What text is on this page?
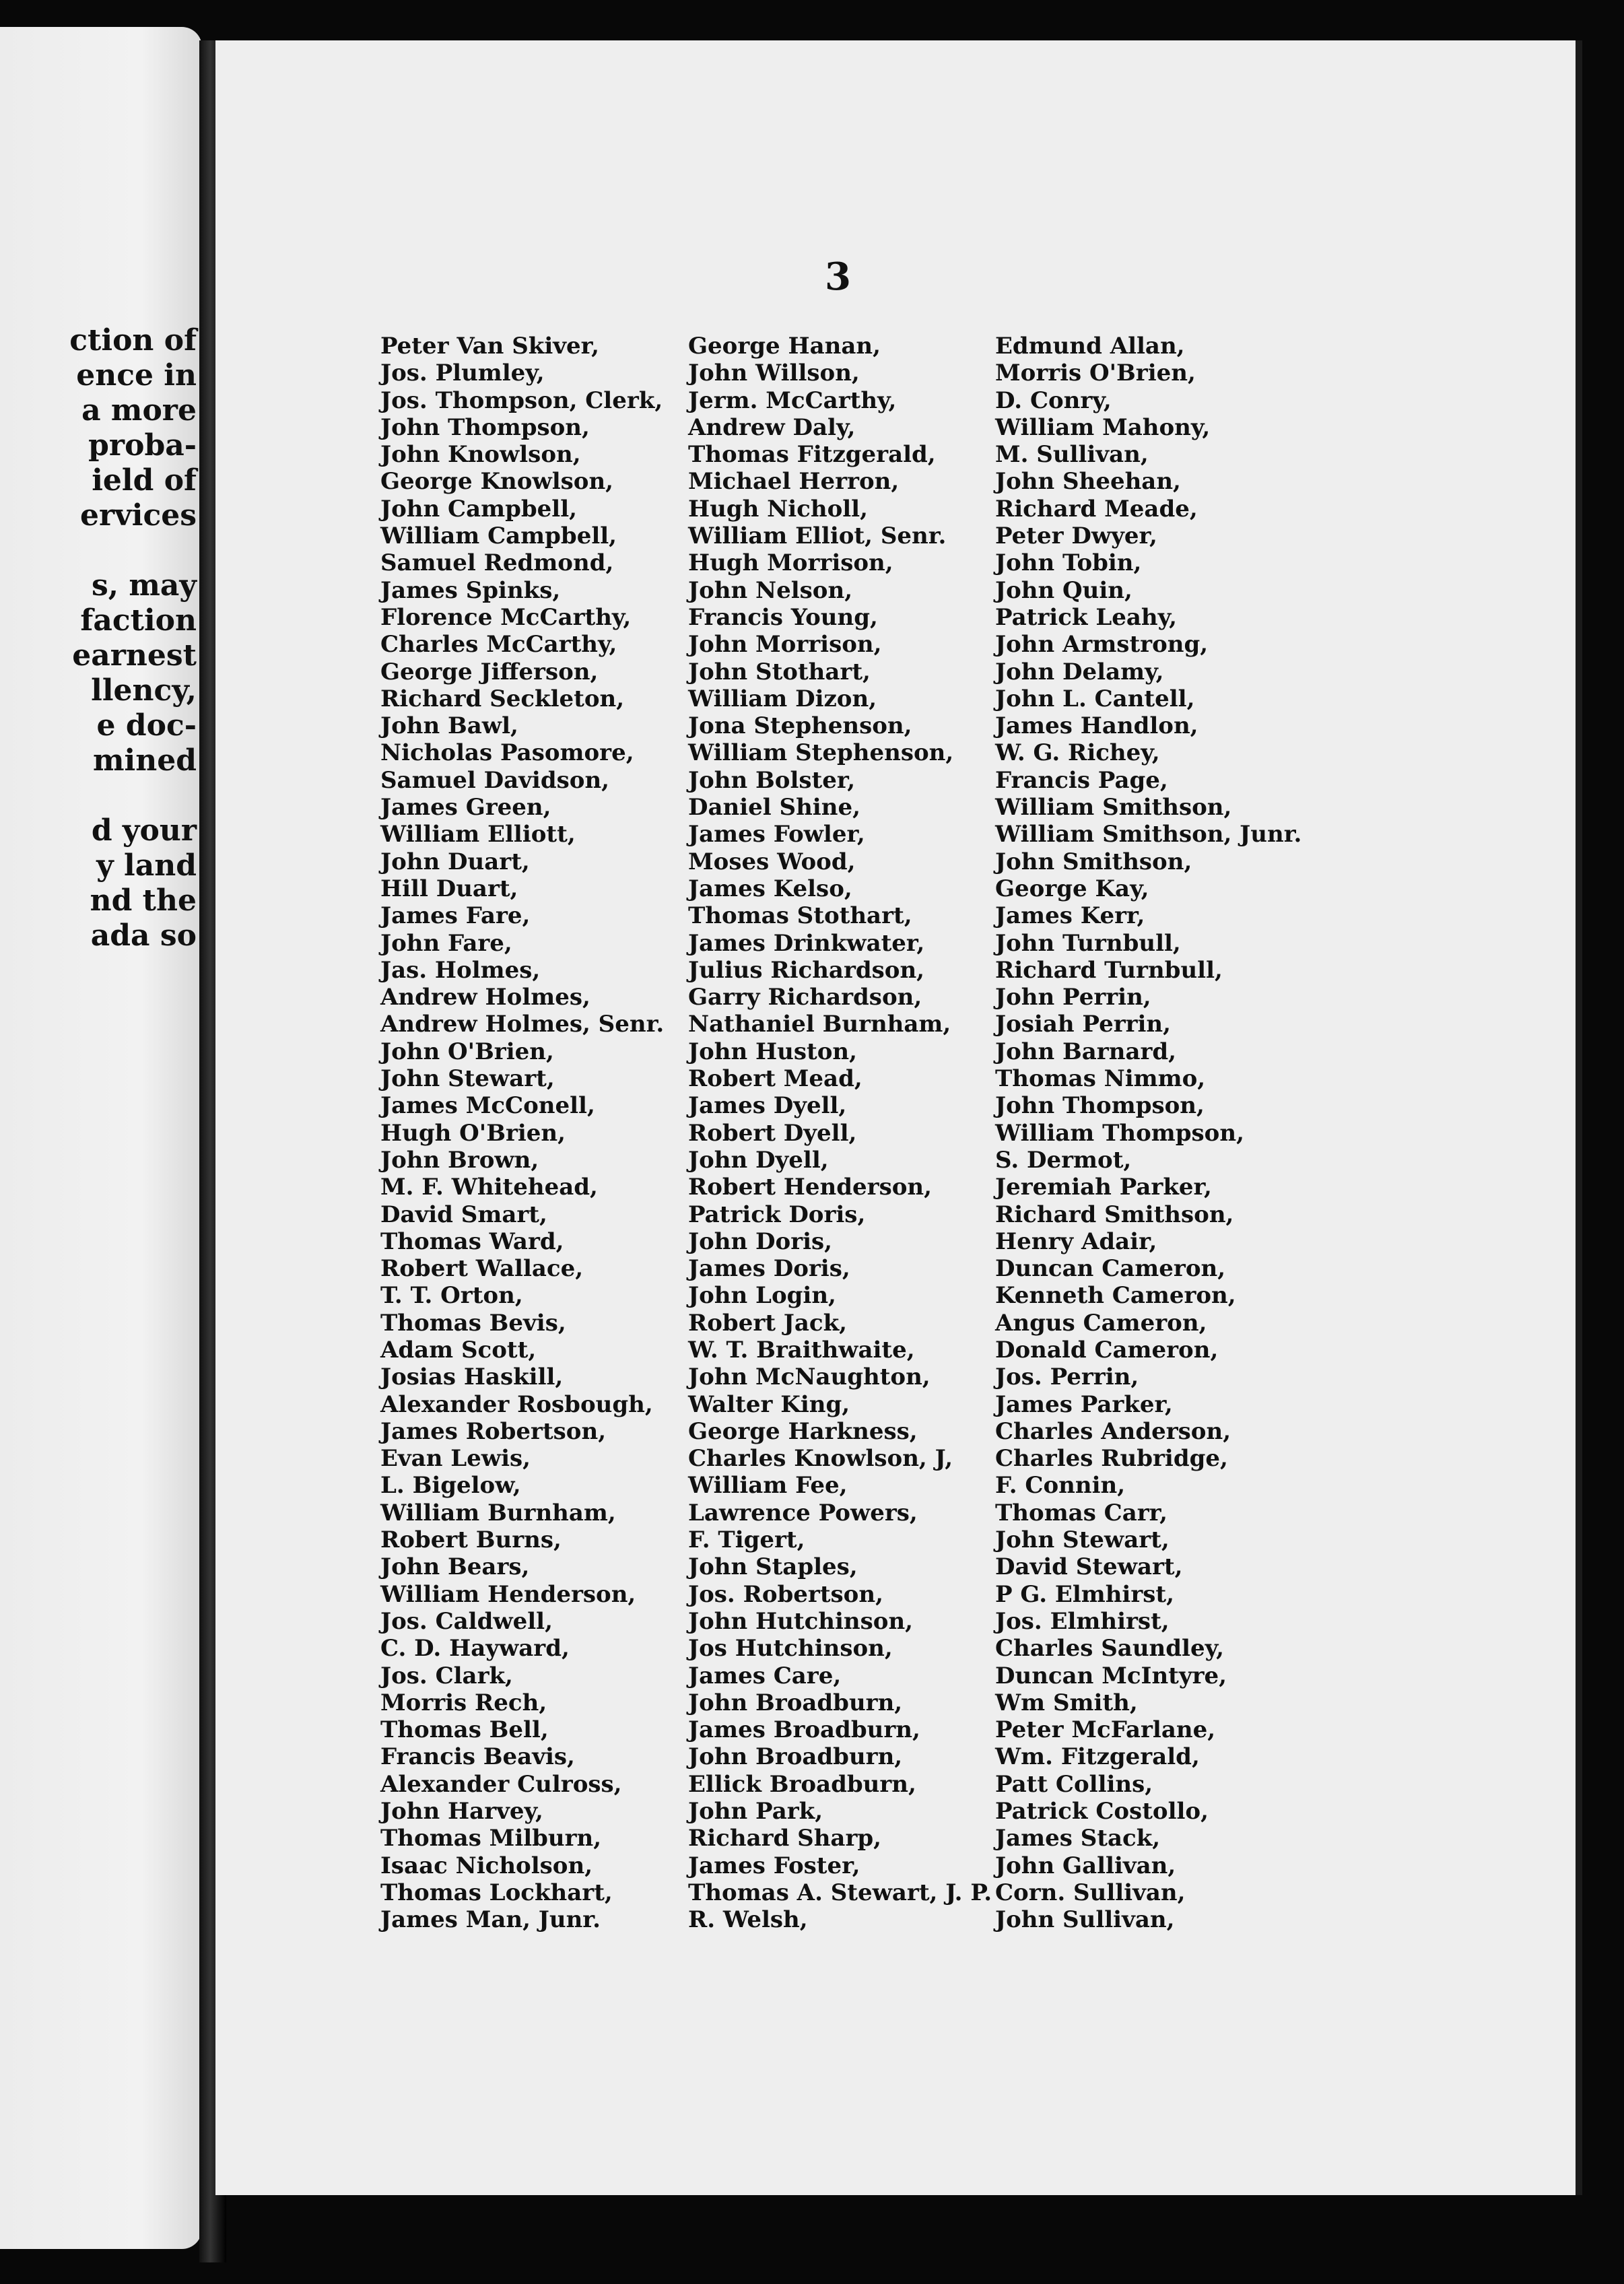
ction of
ence in
a more
proba-
ield of
ervices
s, may
faction
earnest
llency,
e doc-
mined
d your
y land
nd the
ada so
3
Peter Van Skiver,
Jos. Plumley,
Jos. Thompson, Clerk,
John Thompson,
John Knowlson,
George Knowlson,
John Campbell,
William Campbell,
Samuel Redmond,
James Spinks,
Florence McCarthy,
Charles McCarthy,
George Jifferson,
Richard Seckleton,
John Bawl,
Nicholas Pasomore,
Samuel Davidson,
James Green,
William Elliott,
John Duart,
Hill Duart,
James Fare,
John Fare,
Jas. Holmes,
Andrew Holmes,
Andrew Holmes, Senr.
John O'Brien,
John Stewart,
James McConell,
Hugh O'Brien,
John Brown,
M. F. Whitehead,
David Smart,
Thomas Ward,
Robert Wallace,
T. T. Orton,
Thomas Bevis,
Adam Scott,
Josias Haskill,
Alexander Rosbough,
James Robertson,
Evan Lewis,
L. Bigelow,
William Burnham,
Robert Burns,
John Bears,
William Henderson,
Jos. Caldwell,
C. D. Hayward,
Jos. Clark,
Morris Rech,
Thomas Bell,
Francis Beavis,
Alexander Culross,
John Harvey,
Thomas Milburn,
Isaac Nicholson,
Thomas Lockhart,
James Man, Junr.
George Hanan,
John Willson,
Jerm. McCarthy,
Andrew Daly,
Thomas Fitzgerald,
Michael Herron,
Hugh Nicholl,
William Elliot, Senr.
Hugh Morrison,
John Nelson,
Francis Young,
John Morrison,
John Stothart,
William Dizon,
Jona Stephenson,
William Stephenson,
John Bolster,
Daniel Shine,
James Fowler,
Moses Wood,
James Kelso,
Thomas Stothart,
James Drinkwater,
Julius Richardson,
Garry Richardson,
Nathaniel Burnham,
John Huston,
Robert Mead,
James Dyell,
Robert Dyell,
John Dyell,
Robert Henderson,
Patrick Doris,
John Doris,
James Doris,
John Login,
Robert Jack,
W. T. Braithwaite,
John McNaughton,
Walter King,
George Harkness,
Charles Knowlson, J,
William Fee,
Lawrence Powers,
F. Tigert,
John Staples,
Jos. Robertson,
John Hutchinson,
Jos Hutchinson,
James Care,
John Broadburn,
James Broadburn,
John Broadburn,
Ellick Broadburn,
John Park,
Richard Sharp,
James Foster,
Thomas A. Stewart, J. P.
R. Welsh,
Edmund Allan,
Morris O'Brien,
D. Conry,
William Mahony,
M. Sullivan,
John Sheehan,
Richard Meade,
Peter Dwyer,
John Tobin,
John Quin,
Patrick Leahy,
John Armstrong,
John Delamy,
John L. Cantell,
James Handlon,
W. G. Richey,
Francis Page,
William Smithson,
William Smithson, Junr.
John Smithson,
George Kay,
James Kerr,
John Turnbull,
Richard Turnbull,
John Perrin,
Josiah Perrin,
John Barnard,
Thomas Nimmo,
John Thompson,
William Thompson,
S. Dermot,
Jeremiah Parker,
Richard Smithson,
Henry Adair,
Duncan Cameron,
Kenneth Cameron,
Angus Cameron,
Donald Cameron,
Jos. Perrin,
James Parker,
Charles Anderson,
Charles Rubridge,
F. Connin,
Thomas Carr,
John Stewart,
David Stewart,
P G. Elmhirst,
Jos. Elmhirst,
Charles Saundley,
Duncan McIntyre,
Wm Smith,
Peter McFarlane,
Wm. Fitzgerald,
Patt Collins,
Patrick Costollo,
James Stack,
John Gallivan,
Corn. Sullivan,
John Sullivan,
